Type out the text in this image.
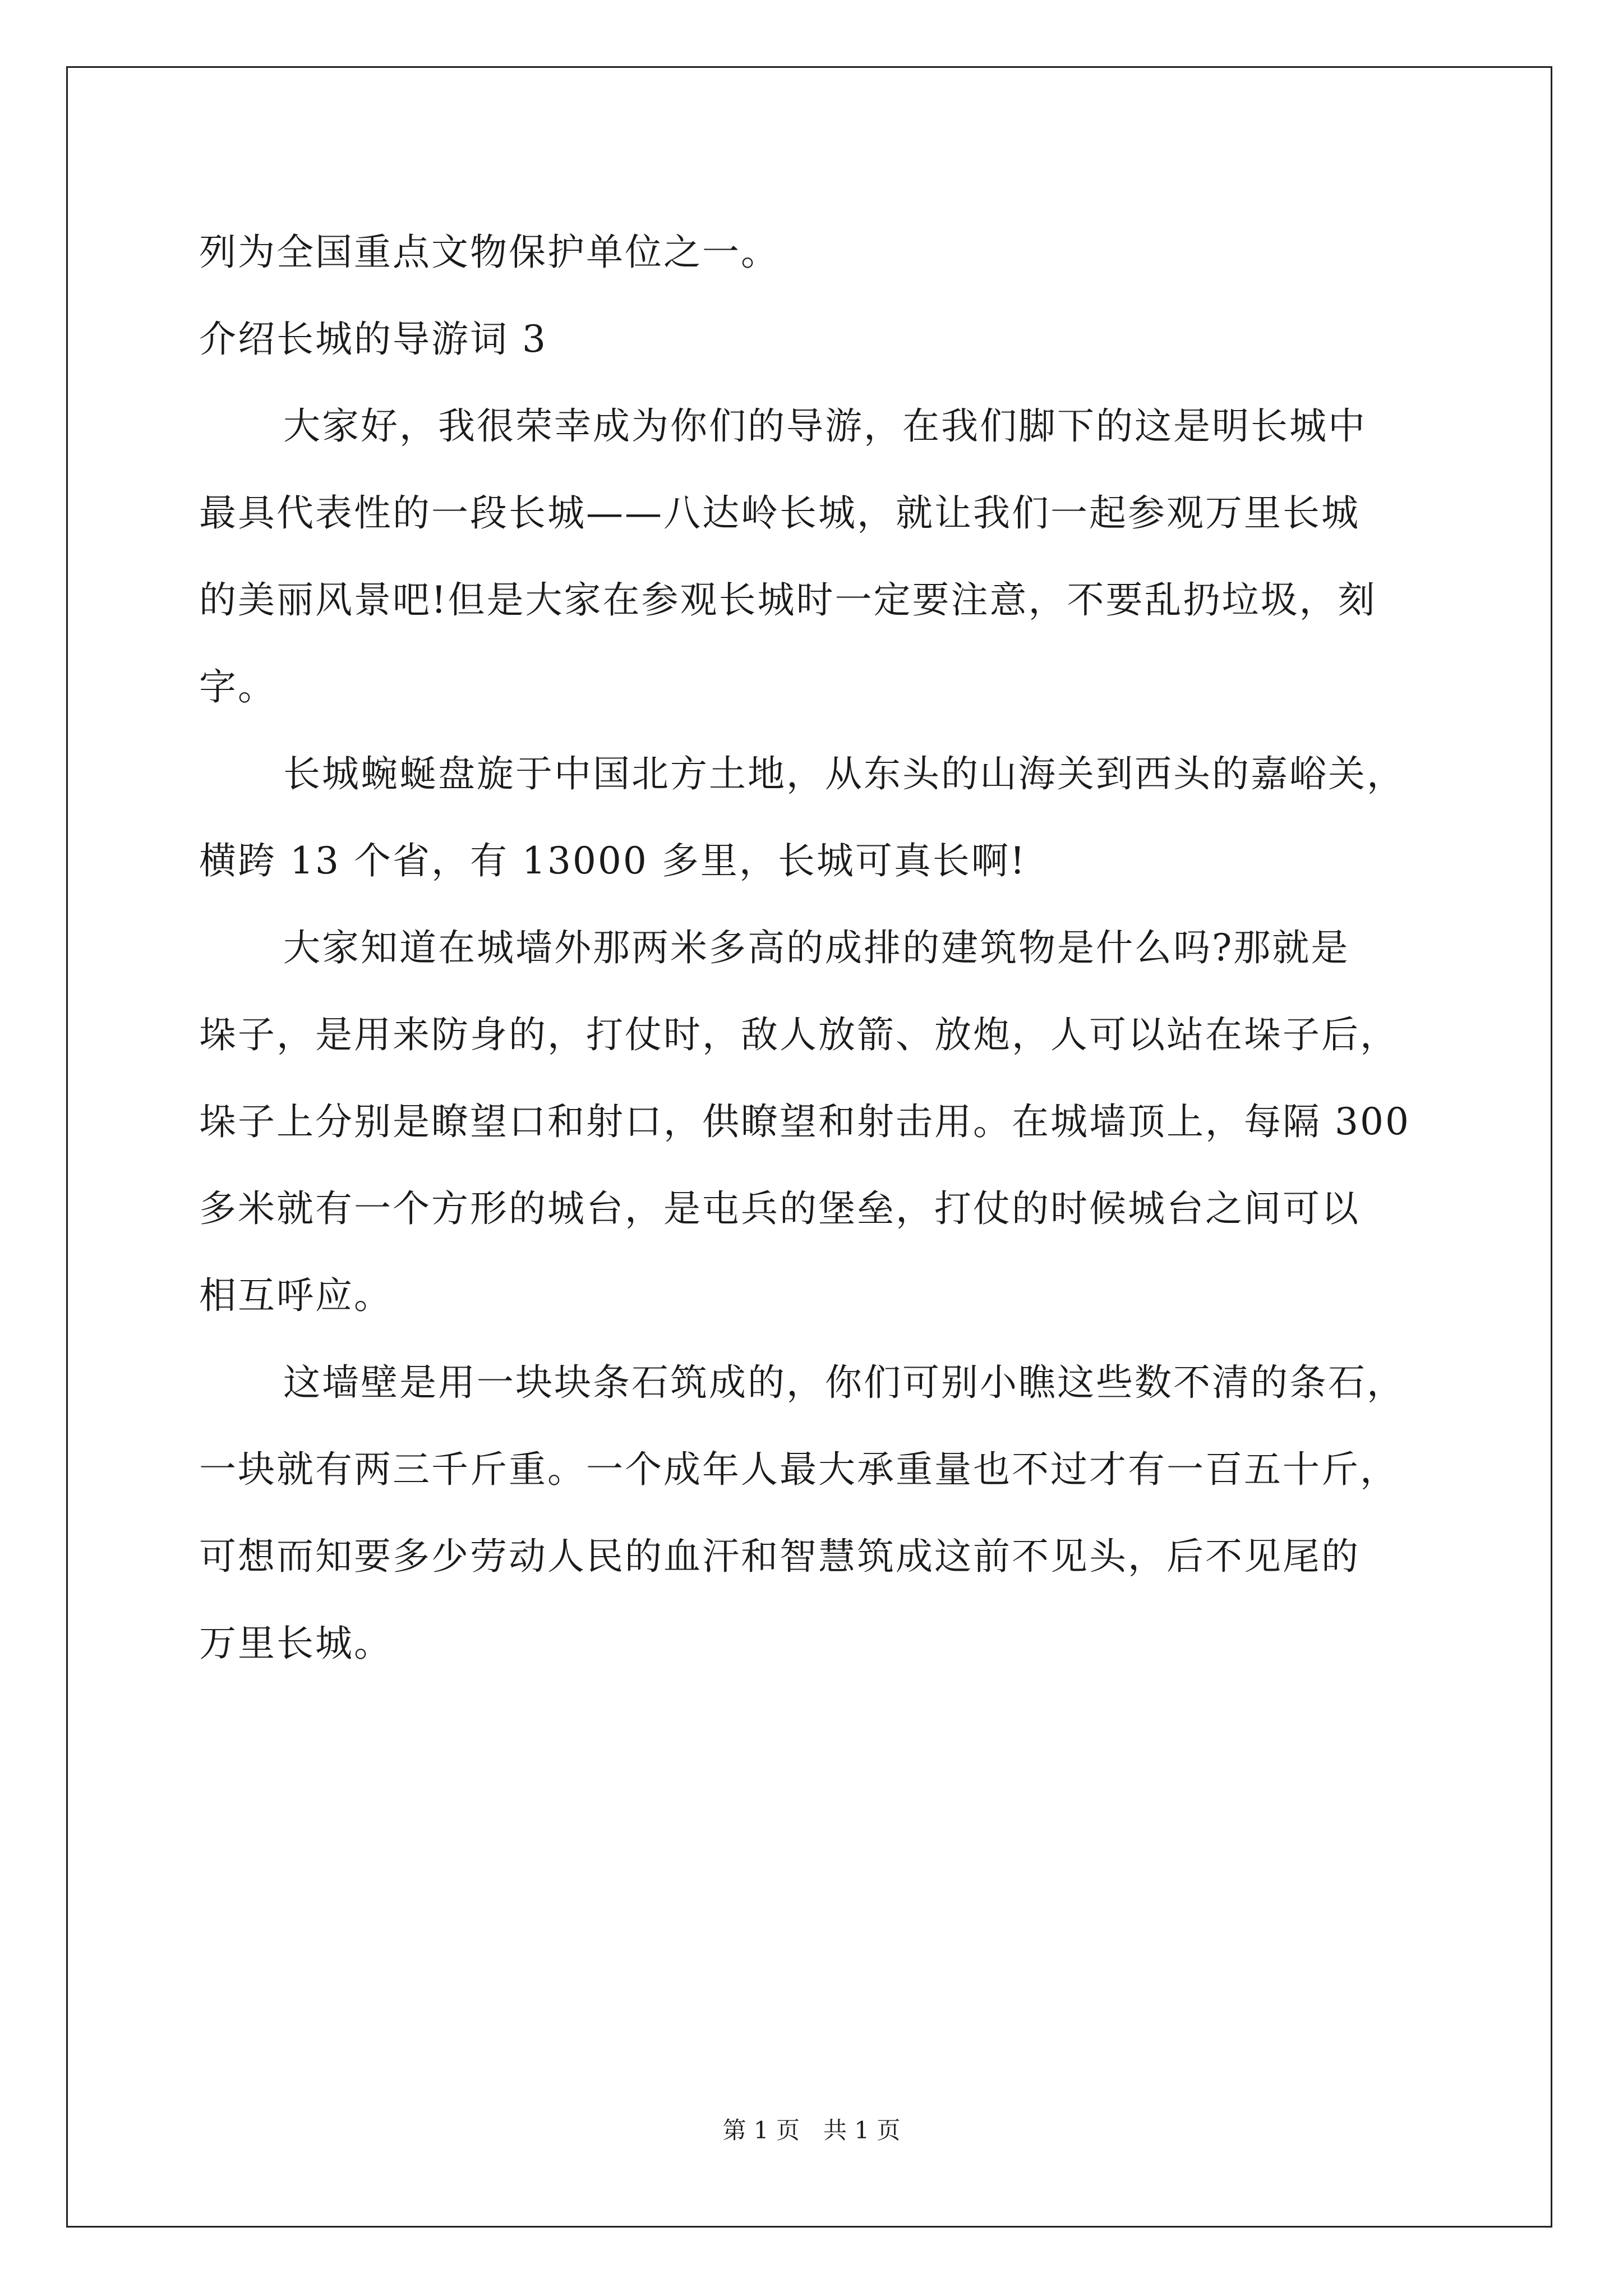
列为全国重点文物保护单位之一。
介绍长城的导游词 3
大家好，我很荣幸成为你们的导游，在我们脚下的这是明长城中
最具代表性的一段长城——八达岭长城，就让我们一起参观万里长城
的美丽风景吧!但是大家在参观长城时一定要注意，不要乱扔垃圾，刻
字。
长城蜿蜒盘旋于中国北方土地，从东头的山海关到西头的嘉峪关，
横跨 13 个省，有 13000 多里，长城可真长啊!
大家知道在城墙外那两米多高的成排的建筑物是什么吗?那就是
垛子，是用来防身的，打仗时，敌人放箭、放炮，人可以站在垛子后，
垛子上分别是瞭望口和射口，供瞭望和射击用。在城墙顶上，每隔 300
多米就有一个方形的城台，是屯兵的堡垒，打仗的时候城台之间可以
相互呼应。
这墙壁是用一块块条石筑成的，你们可别小瞧这些数不清的条石，
一块就有两三千斤重。一个成年人最大承重量也不过才有一百五十斤，
可想而知要多少劳动人民的血汗和智慧筑成这前不见头，后不见尾的
万里长城。
第 1 页　共 1 页
